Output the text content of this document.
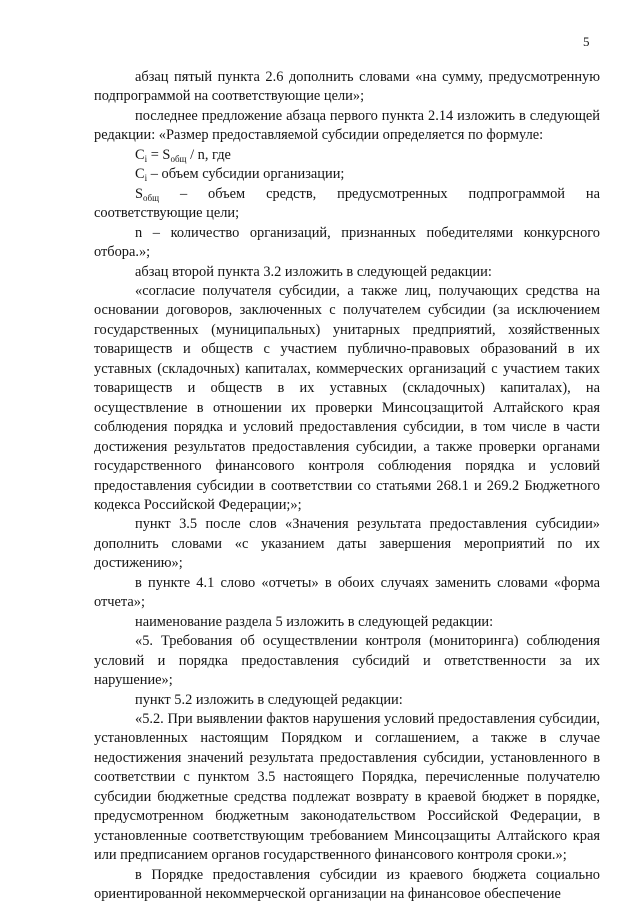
5

абзац пятый пункта 2.6 дополнить словами «на сумму, предусмотренную подпрограммой на соответствующие цели»;

последнее предложение абзаца первого пункта 2.14 изложить в следующей редакции: «Размер предоставляемой субсидии определяется по формуле:

$C_i = S_{общ} / n$, где

$C_i$ – объем субсидии организации;

$S_{общ}$ – объем средств, предусмотренных подпрограммой на соответствующие цели;

n – количество организаций, признанных победителями конкурсного отбора.»;

абзац второй пункта 3.2 изложить в следующей редакции:

«согласие получателя субсидии, а также лиц, получающих средства на основании договоров, заключенных с получателем субсидии (за исключением государственных (муниципальных) унитарных предприятий, хозяйственных товариществ и обществ с участием публично-правовых образований в их уставных (складочных) капиталах, коммерческих организаций с участием таких товариществ и обществ в их уставных (складочных) капиталах), на осуществление в отношении их проверки Минсоцзащитой Алтайского края соблюдения порядка и условий предоставления субсидии, в том числе в части достижения результатов предоставления субсидии, а также проверки органами государственного финансового контроля соблюдения порядка и условий предоставления субсидии в соответствии со статьями 268.1 и 269.2 Бюджетного кодекса Российской Федерации;»;

пункт 3.5 после слов «Значения результата предоставления субсидии» дополнить словами «с указанием даты завершения мероприятий по их достижению»;

в пункте 4.1 слово «отчеты» в обоих случаях заменить словами «форма отчета»;

наименование раздела 5 изложить в следующей редакции:

«5. Требования об осуществлении контроля (мониторинга) соблюдения условий и порядка предоставления субсидий и ответственности за их нарушение»;

пункт 5.2 изложить в следующей редакции:

«5.2. При выявлении фактов нарушения условий предоставления субсидии, установленных настоящим Порядком и соглашением, а также в случае недостижения значений результата предоставления субсидии, установленного в соответствии с пунктом 3.5 настоящего Порядка, перечисленные получателю субсидии бюджетные средства подлежат возврату в краевой бюджет в порядке, предусмотренном бюджетным законодательством Российской Федерации, в установленные соответствующим требованием Минсоцзащиты Алтайского края или предписанием органов государственного финансового контроля сроки.»;

в Порядке предоставления субсидии из краевого бюджета социально ориентированной некоммерческой организации на финансовое обеспечение
